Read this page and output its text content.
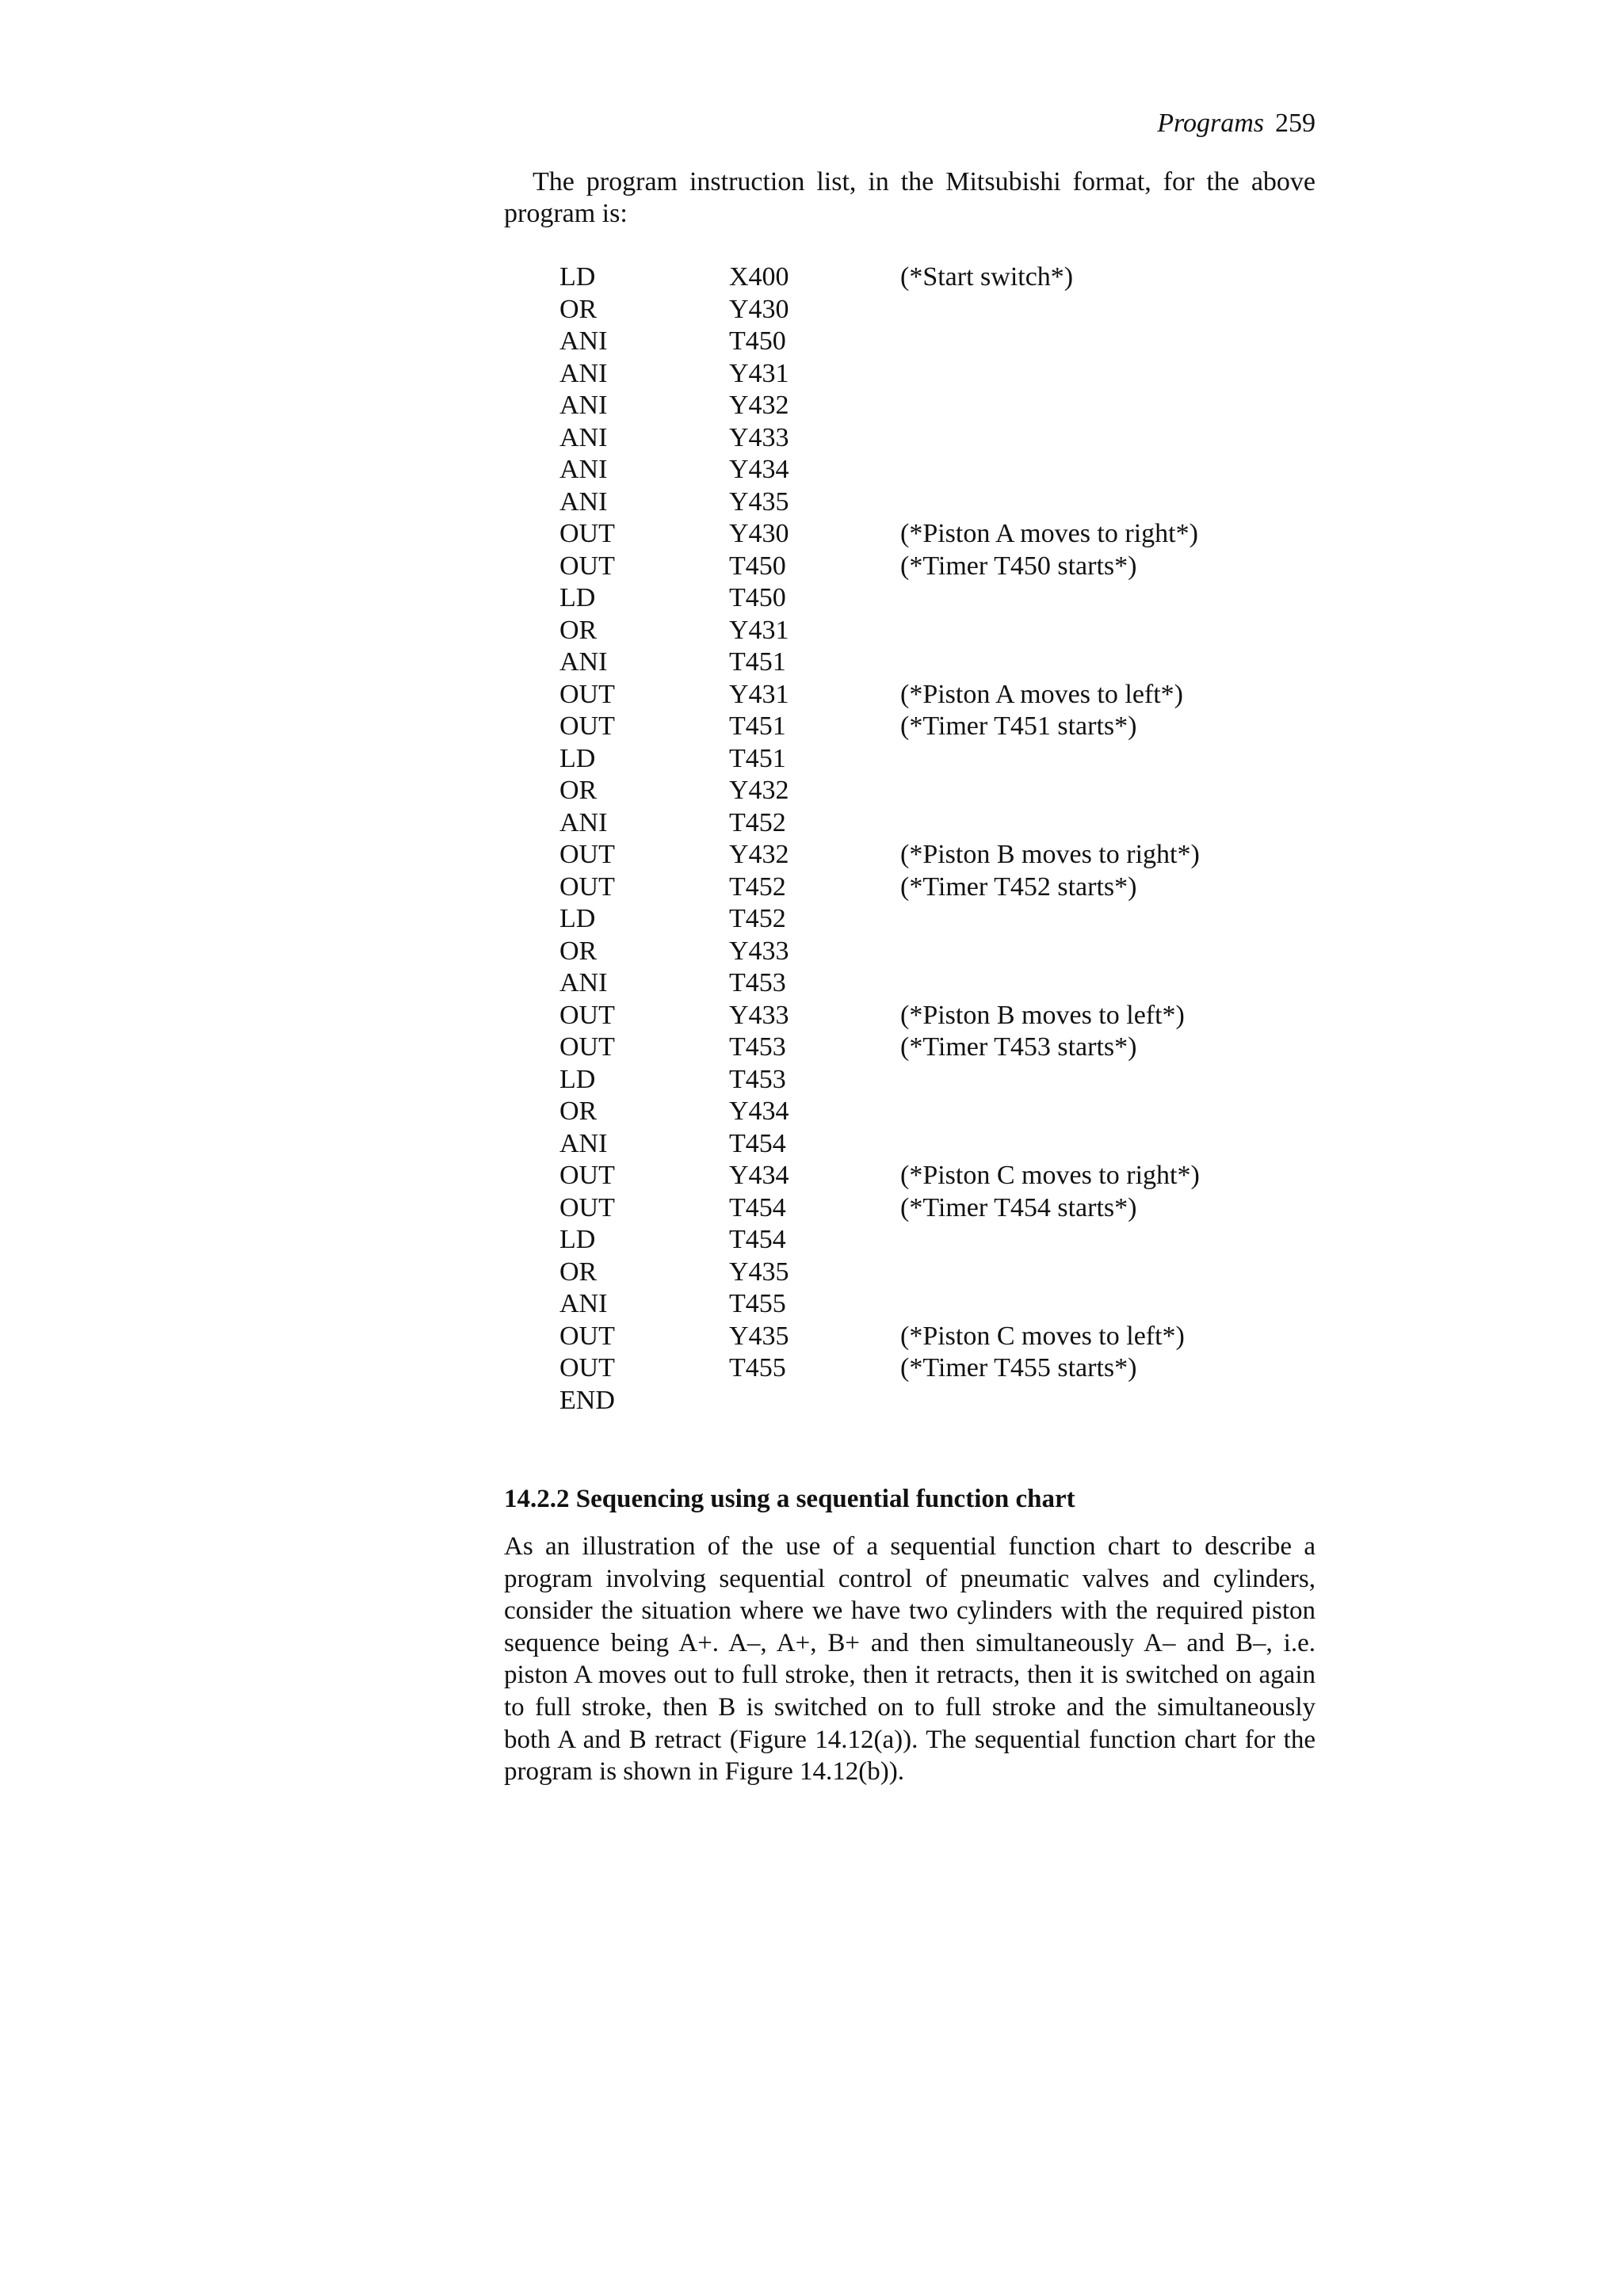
Programs 259

The program instruction list, in the Mitsubishi format, for the above program is:

LD	X400	(*Start switch*)
OR	Y430
ANI	T450
ANI	Y431
ANI	Y432
ANI	Y433
ANI	Y434
ANI	Y435
OUT	Y430	(*Piston A moves to right*)
OUT	T450	(*Timer T450 starts*)
LD	T450
OR	Y431
ANI	T451
OUT	Y431	(*Piston A moves to left*)
OUT	T451	(*Timer T451 starts*)
LD	T451
OR	Y432
ANI	T452
OUT	Y432	(*Piston B moves to right*)
OUT	T452	(*Timer T452 starts*)
LD	T452
OR	Y433
ANI	T453
OUT	Y433	(*Piston B moves to left*)
OUT	T453	(*Timer T453 starts*)
LD	T453
OR	Y434
ANI	T454
OUT	Y434	(*Piston C moves to right*)
OUT	T454	(*Timer T454 starts*)
LD	T454
OR	Y435
ANI	T455
OUT	Y435	(*Piston C moves to left*)
OUT	T455	(*Timer T455 starts*)
END
14.2.2 Sequencing using a sequential function chart

As an illustration of the use of a sequential function chart to describe a program involving sequential control of pneumatic valves and cylinders, consider the situation where we have two cylinders with the required piston sequence being A+. A–, A+, B+ and then simultaneously A– and B–, i.e. piston A moves out to full stroke, then it retracts, then it is switched on again to full stroke, then B is switched on to full stroke and the simultaneously both A and B retract (Figure 14.12(a)). The sequential function chart for the program is shown in Figure 14.12(b)).
